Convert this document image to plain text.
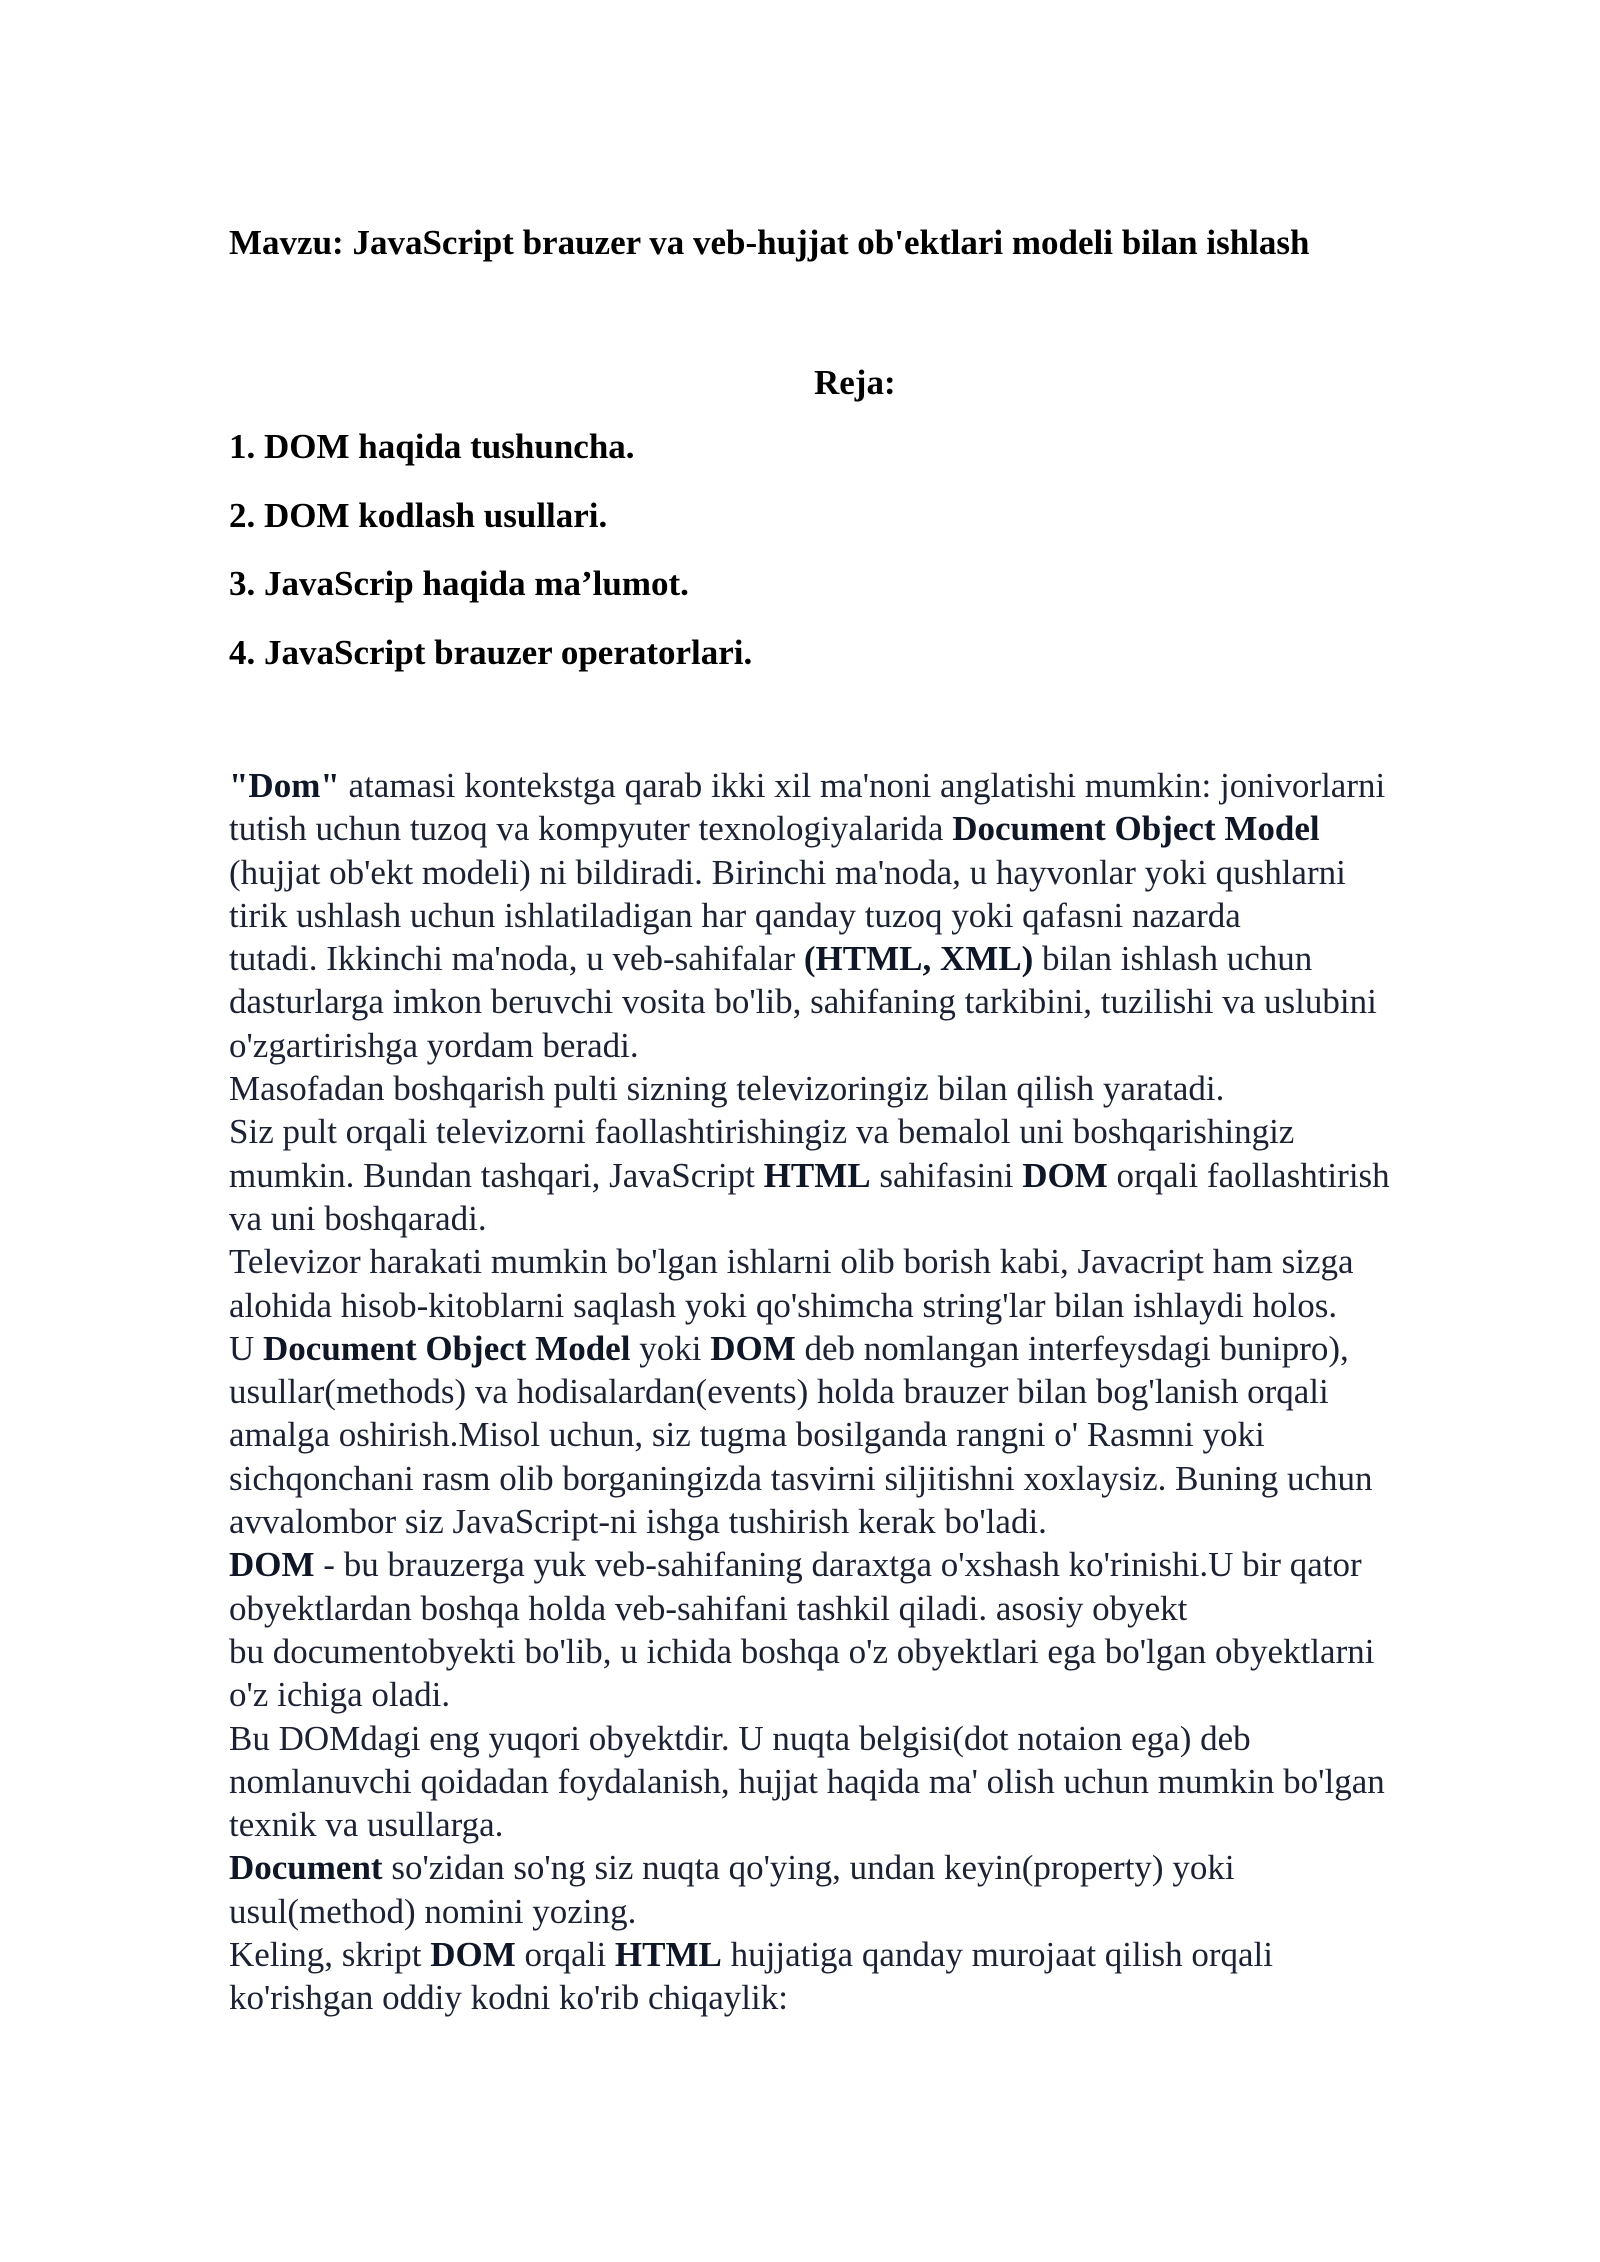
Mavzu: JavaScript brauzer va veb-hujjat ob'ektlari modeli bilan ishlash
Reja:
1. DOM haqida tushuncha.
2. DOM kodlash usullari.
3. JavaScrip haqida ma’lumot.
4. JavaScript brauzer operatorlari.
"Dom" atamasi kontekstga qarab ikki xil ma'noni anglatishi mumkin: jonivorlarni
tutish uchun tuzoq va kompyuter texnologiyalarida Document Object Model
(hujjat ob'ekt modeli) ni bildiradi. Birinchi ma'noda, u hayvonlar yoki qushlarni
tirik ushlash uchun ishlatiladigan har qanday tuzoq yoki qafasni nazarda
tutadi. Ikkinchi ma'noda, u veb-sahifalar (HTML, XML) bilan ishlash uchun
dasturlarga imkon beruvchi vosita bo'lib, sahifaning tarkibini, tuzilishi va uslubini
o'zgartirishga yordam beradi.
Masofadan boshqarish pulti sizning televizoringiz bilan qilish yaratadi.
Siz pult orqali televizorni faollashtirishingiz va bemalol uni boshqarishingiz
mumkin. Bundan tashqari, JavaScript HTML sahifasini DOM orqali faollashtirish
va uni boshqaradi.
Televizor harakati mumkin bo'lgan ishlarni olib borish kabi, Javacript ham sizga
alohida hisob-kitoblarni saqlash yoki qo'shimcha string'lar bilan ishlaydi holos.
U Document Object Model yoki DOM deb nomlangan interfeysdagi bunipro),
usullar(methods) va hodisalardan(events) holda brauzer bilan bog'lanish orqali
amalga oshirish.Misol uchun, siz tugma bosilganda rangni o' Rasmni yoki
sichqonchani rasm olib borganingizda tasvirni siljitishni xoxlaysiz. Buning uchun
avvalombor siz JavaScript-ni ishga tushirish kerak bo'ladi.
DOM - bu brauzerga yuk veb-sahifaning daraxtga o'xshash ko'rinishi.U bir qator
obyektlardan boshqa holda veb-sahifani tashkil qiladi. asosiy obyekt
bu documentobyekti bo'lib, u ichida boshqa o'z obyektlari ega bo'lgan obyektlarni
o'z ichiga oladi.
Bu DOMdagi eng yuqori obyektdir. U nuqta belgisi(dot notaion ega) deb
nomlanuvchi qoidadan foydalanish, hujjat haqida ma' olish uchun mumkin bo'lgan
texnik va usullarga.
Document so'zidan so'ng siz nuqta qo'ying, undan keyin(property) yoki
usul(method) nomini yozing.
Keling, skript DOM orqali HTML hujjatiga qanday murojaat qilish orqali
ko'rishgan oddiy kodni ko'rib chiqaylik:
